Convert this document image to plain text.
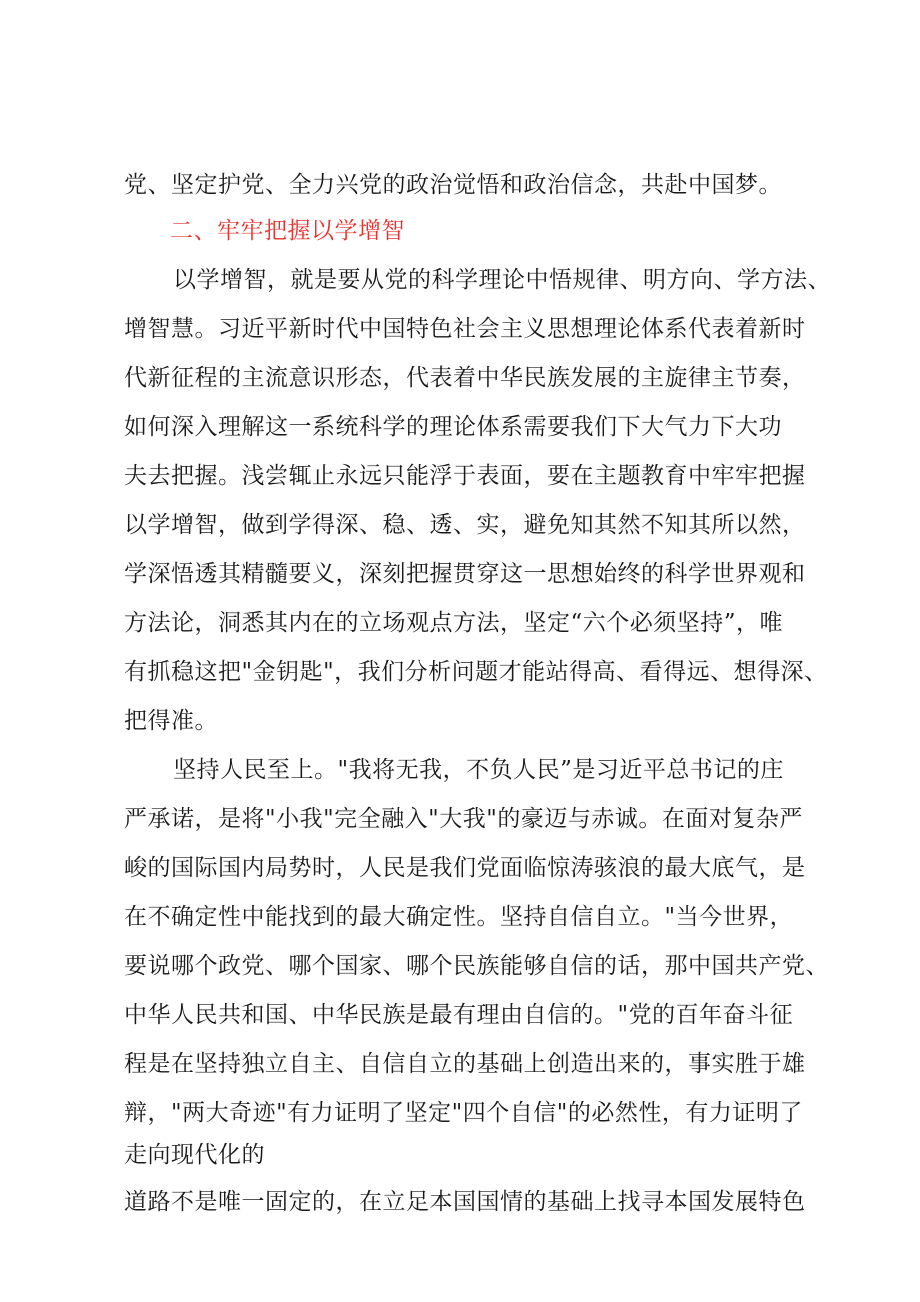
党、坚定护党、全力兴党的政治觉悟和政治信念，共赴中国梦。
二、牢牢把握以学增智
以学增智，就是要从党的科学理论中悟规律、明方向、学方法、
增智慧。习近平新时代中国特色社会主义思想理论体系代表着新时
代新征程的主流意识形态，代表着中华民族发展的主旋律主节奏，
如何深入理解这一系统科学的理论体系需要我们下大气力下大功
夫去把握。浅尝辄止永远只能浮于表面，要在主题教育中牢牢把握
以学增智，做到学得深、稳、透、实，避免知其然不知其所以然，
学深悟透其精髓要义，深刻把握贯穿这一思想始终的科学世界观和
方法论，洞悉其内在的立场观点方法，坚定“六个必须坚持”，唯
有抓稳这把"金钥匙"，我们分析问题才能站得高、看得远、想得深、
把得准。
坚持人民至上。"我将无我，不负人民”是习近平总书记的庄
严承诺，是将"小我"完全融入"大我"的豪迈与赤诚。在面对复杂严
峻的国际国内局势时，人民是我们党面临惊涛骇浪的最大底气，是
在不确定性中能找到的最大确定性。坚持自信自立。"当今世界，
要说哪个政党、哪个国家、哪个民族能够自信的话，那中国共产党、
中华人民共和国、中华民族是最有理由自信的。"党的百年奋斗征
程是在坚持独立自主、自信自立的基础上创造出来的，事实胜于雄
辩，"两大奇迹"有力证明了坚定"四个自信"的必然性，有力证明了
走向现代化的
道路不是唯一固定的，在立足本国国情的基础上找寻本国发展特色
